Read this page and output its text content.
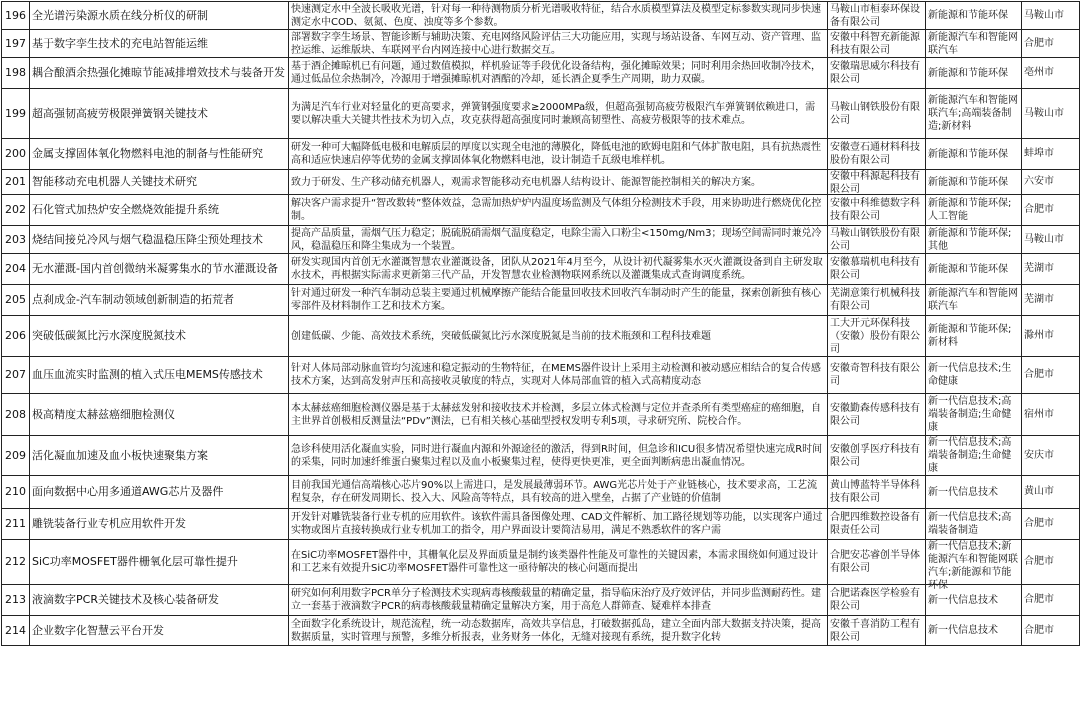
196	全光谱污染源水质在线分析仪的研制	快速测定水中全波长吸收光谱，针对每一种待测物质分析光谱吸收特征，结合水质模型算法及模型定标参数实现同步快速测定水中COD、氨氮、色度、浊度等多个参数。	马鞍山市桓泰环保设备有限公司	新能源和节能环保	马鞍山市

197	基于数字孪生技术的充电站智能运维	部署数字孪生场景、智能诊断与辅助决策、充电网络风险评估三大功能应用，实现与场站设备、车网互动、资产管理、监控运维、运维版块、车联网平台内网连接中心进行数据交互。	安徽中科智充新能源科技有限公司	新能源汽车和智能网联汽车	合肥市

198	耦合酿酒余热强化摊晾节能减排增效技术与装备开发	基于酒企摊晾机已有问题，通过数值模拟，样机验证等手段优化设备结构，强化摊晾效果；同时利用余热回收制冷技术，通过低品位余热制冷，冷源用于增强摊晾机对酒醅的冷却，延长酒企夏季生产周期，助力双碳。	安徽瑞思威尔科技有限公司	新能源和节能环保	亳州市

199	超高强韧高疲劳极限弹簧钢关键技术	为满足汽车行业对轻量化的更高要求，弹簧钢强度要求≥2000MPa级，但超高强韧高疲劳极限汽车弹簧钢依赖进口，需要以解决重大关键共性技术为切入点，攻克获得超高强度同时兼顾高韧塑性、高疲劳极限等的技术难点。	马鞍山钢铁股份有限公司	新能源汽车和智能网联汽车;高端装备制造;新材料	马鞍山市

200	金属支撑固体氧化物燃料电池的制备与性能研究	研发一种可大幅降低电极和电解质层的厚度以实现全电池的薄膜化，降低电池的欧姆电阻和气体扩散电阻，具有抗热震性高和适应快速启停等优势的金属支撑固体氧化物燃料电池，设计制造千瓦级电堆样机。	安徽壹石通材料科技股份有限公司	新能源和节能环保	蚌埠市

201	智能移动充电机器人关键技术研究	致力于研发、生产移动储充机器人，观需求智能移动充电机器人结构设计、能源智能控制相关的解决方案。	安徽中科源起科技有限公司	新能源和节能环保	六安市

202	石化管式加热炉安全燃烧效能提升系统	解决客户需求提升“智改数转”整体效益，急需加热炉炉内温度场监测及气体组分检测技术手段，用来协助进行燃烧优化控制。	安徽中科维德数字科技有限公司	新能源和节能环保;人工智能	合肥市

203	烧结间接兑冷风与烟气稳温稳压降尘预处理技术	提高产品质量，需烟气压力稳定；脱硫脱硝需烟气温度稳定，电除尘需入口粉尘<150mg/Nm3；现场空间需同时兼兑冷风，稳温稳压和降尘集成为一个装置。	马鞍山钢铁股份有限公司	新能源和节能环保;其他	马鞍山市

204	无水灌溉-国内首创微纳米凝雾集水的节水灌溉设备	研发实现国内首创无水灌溉智慧农业灌溉设备，团队从2021年4月至今，从设计初代凝雾集水灭火灌溉设备到自主研发取水技术，再根据实际需求更新第三代产品，开发智慧农业检测物联网系统以及灌溉集成式查询调度系统。	安徽慕瑞机电科技有限公司	新能源和节能环保	芜湖市

205	点刹成金-汽车制动领域创新制造的拓荒者	针对通过研发一种汽车制动总装主要通过机械摩擦产能结合能量回收技术回收汽车制动时产生的能量，探索创新独有核心零部件及材料制作工艺和技术方案。	芜湖意策行机械科技有限公司	新能源汽车和智能网联汽车	芜湖市

206	突破低碳氮比污水深度脱氮技术	创建低碳、少能、高效技术系统，突破低碳氮比污水深度脱氮是当前的技术瓶颈和工程科技难题	工大开元环保科技（安徽）股份有限公司	新能源和节能环保;新材料	滁州市

207	血压血流实时监测的植入式压电MEMS传感技术	针对人体局部动脉血管均匀流速和稳定振动的生物特征，在MEMS器件设计上采用主动检测和被动感应相结合的复合传感技术方案，达到高发射声压和高接收灵敏度的特点，实现对人体局部血管的植入式高精度动态	安徽奇智科技有限公司	新一代信息技术;生命健康	合肥市

208	极高精度太赫兹癌细胞检测仪	本太赫兹癌细胞检测仪器是基于太赫兹发射和接收技术并检测，多层立体式检测与定位并查杀所有类型癌症的癌细胞，自主世界首创极相反测量法“PDv”测法，已有相关核心基础型授权发明专利5项，寻求研究所、院校合作。	安徽勤森传感科技有限公司	新一代信息技术;高端装备制造;生命健康	宿州市

209	活化凝血加速及血小板快速聚集方案	急诊科使用活化凝血实验，同时进行凝血内源和外源途径的激活，得到R时间，但急诊和ICU很多情况希望快速完成R时间的采集，同时加速纤维蛋白聚集过程以及血小板聚集过程，使得更快更准，更全面判断病患出凝血情况。	安徽创孚医疗科技有限公司	新一代信息技术;高端装备制造;生命健康	安庆市

210	面向数据中心用多通道AWG芯片及器件	目前我国光通信高端核心芯片90%以上需进口，是发展最薄弱环节。AWG光芯片处于产业链核心，技术要求高，工艺流程复杂，存在研发周期长、投入大、风险高等特点，具有较高的进入壁垒，占据了产业链的价值制	黄山博蓝特半导体科技有限公司	新一代信息技术	黄山市

211	雕铣装备行业专机应用软件开发	开发针对雕铣装备行业专机的应用软件。该软件需具备图像处理、CAD文件解析、加工路径规划等功能，以实现客户通过实物或图片直接转换成行业专机加工的指令，用户界面设计要简洁易用，满足不熟悉软件的客户需	合肥四维数控设备有限责任公司	新一代信息技术;高端装备制造	合肥市

212	SiC功率MOSFET器件栅氧化层可靠性提升	在SiC功率MOSFET器件中，其栅氧化层及界面质量是制约该类器件性能及可靠性的关键因素，本需求围绕如何通过设计和工艺来有效提升SiC功率MOSFET器件可靠性这一亟待解决的核心问题而提出	合肥安芯睿创半导体有限公司	新一代信息技术;新能源汽车和智能网联汽车;新能源和节能环保	合肥市

213	液滴数字PCR关键技术及核心装备研发	研究如何利用数字PCR单分子检测技术实现病毒核酸载量的精确定量，指导临床治疗及疗效评估，并同步监测耐药性。建立一套基于液滴数字PCR的病毒核酸载量精确定量解决方案，用于高危人群筛查、疑难样本排查	合肥诺森医学检验有限公司	新一代信息技术	合肥市

214	企业数字化智慧云平台开发	全面数字化系统设计，规范流程，统一动态数据库，高效共享信息，打破数据孤岛，建立全面内部大数据支持决策，提高数据质量，实时管理与预警，多维分析报表，业务财务一体化，无缝对接现有系统，提升数字化转	安徽千喜消防工程有限公司	新一代信息技术	合肥市
